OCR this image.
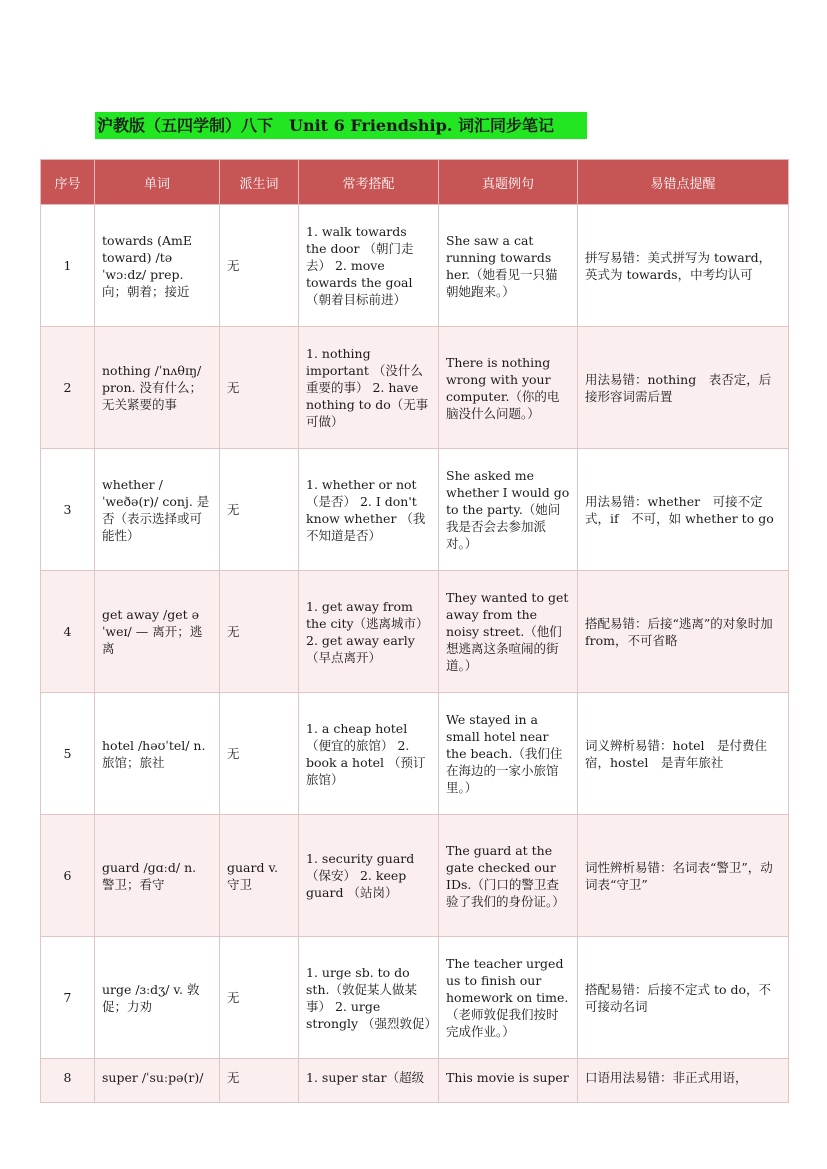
沪教版（五四学制）八下　Unit 6 Friendship. 词汇同步笔记
序号	单词	派生词	常考搭配	真题例句	易错点提醒
1	towards (AmE toward) /təˈwɔːdz/ prep. 向；朝着；接近	无	1. walk towards the door （朝门走去） 2. move towards the goal （朝着目标前进）	She saw a cat running towards her.（她看见一只猫朝她跑来。）	拼写易错：美式拼写为 toward，英式为 towards，中考均认可
2	nothing /ˈnʌθɪŋ/ pron. 没有什么；无关紧要的事	无	1. nothing important （没什么重要的事） 2. have nothing to do（无事可做）	There is nothing wrong with your computer.（你的电脑没什么问题。）	用法易错：nothing　表否定，后接形容词需后置
3	whether /ˈweðə(r)/ conj. 是否（表示选择或可能性）	无	1. whether or not （是否） 2. I don't know whether （我不知道是否）	She asked me whether I would go to the party.（她问我是否会去参加派对。）	用法易错：whether　可接不定式，if　不可，如 whether to go
4	get away /get əˈweɪ/ — 离开；逃离	无	1. get away from the city（逃离城市）2. get away early（早点离开）	They wanted to get away from the noisy street.（他们想逃离这条喧闹的街道。）	搭配易错：后接“逃离”的对象时加 from，不可省略
5	hotel /həʊˈtel/ n. 旅馆；旅社	无	1. a cheap hotel （便宜的旅馆） 2. book a hotel （预订旅馆）	We stayed in a small hotel near the beach.（我们住在海边的一家小旅馆里。）	词义辨析易错：hotel　是付费住宿，hostel　是青年旅社
6	guard /ɡɑːd/ n. 警卫；看守	guard v. 守卫	1. security guard （保安） 2. keep guard （站岗）	The guard at the gate checked our IDs.（门口的警卫查验了我们的身份证。）	词性辨析易错：名词表“警卫”，动词表“守卫”
7	urge /ɜːdʒ/ v. 敦促；力劝	无	1. urge sb. to do sth.（敦促某人做某事） 2. urge strongly （强烈敦促）	The teacher urged us to finish our homework on time.（老师敦促我们按时完成作业。）	搭配易错：后接不定式 to do，不可接动名词
8	super /ˈsuːpə(r)/	无	1. super star（超级	This movie is super	口语用法易错：非正式用语，
